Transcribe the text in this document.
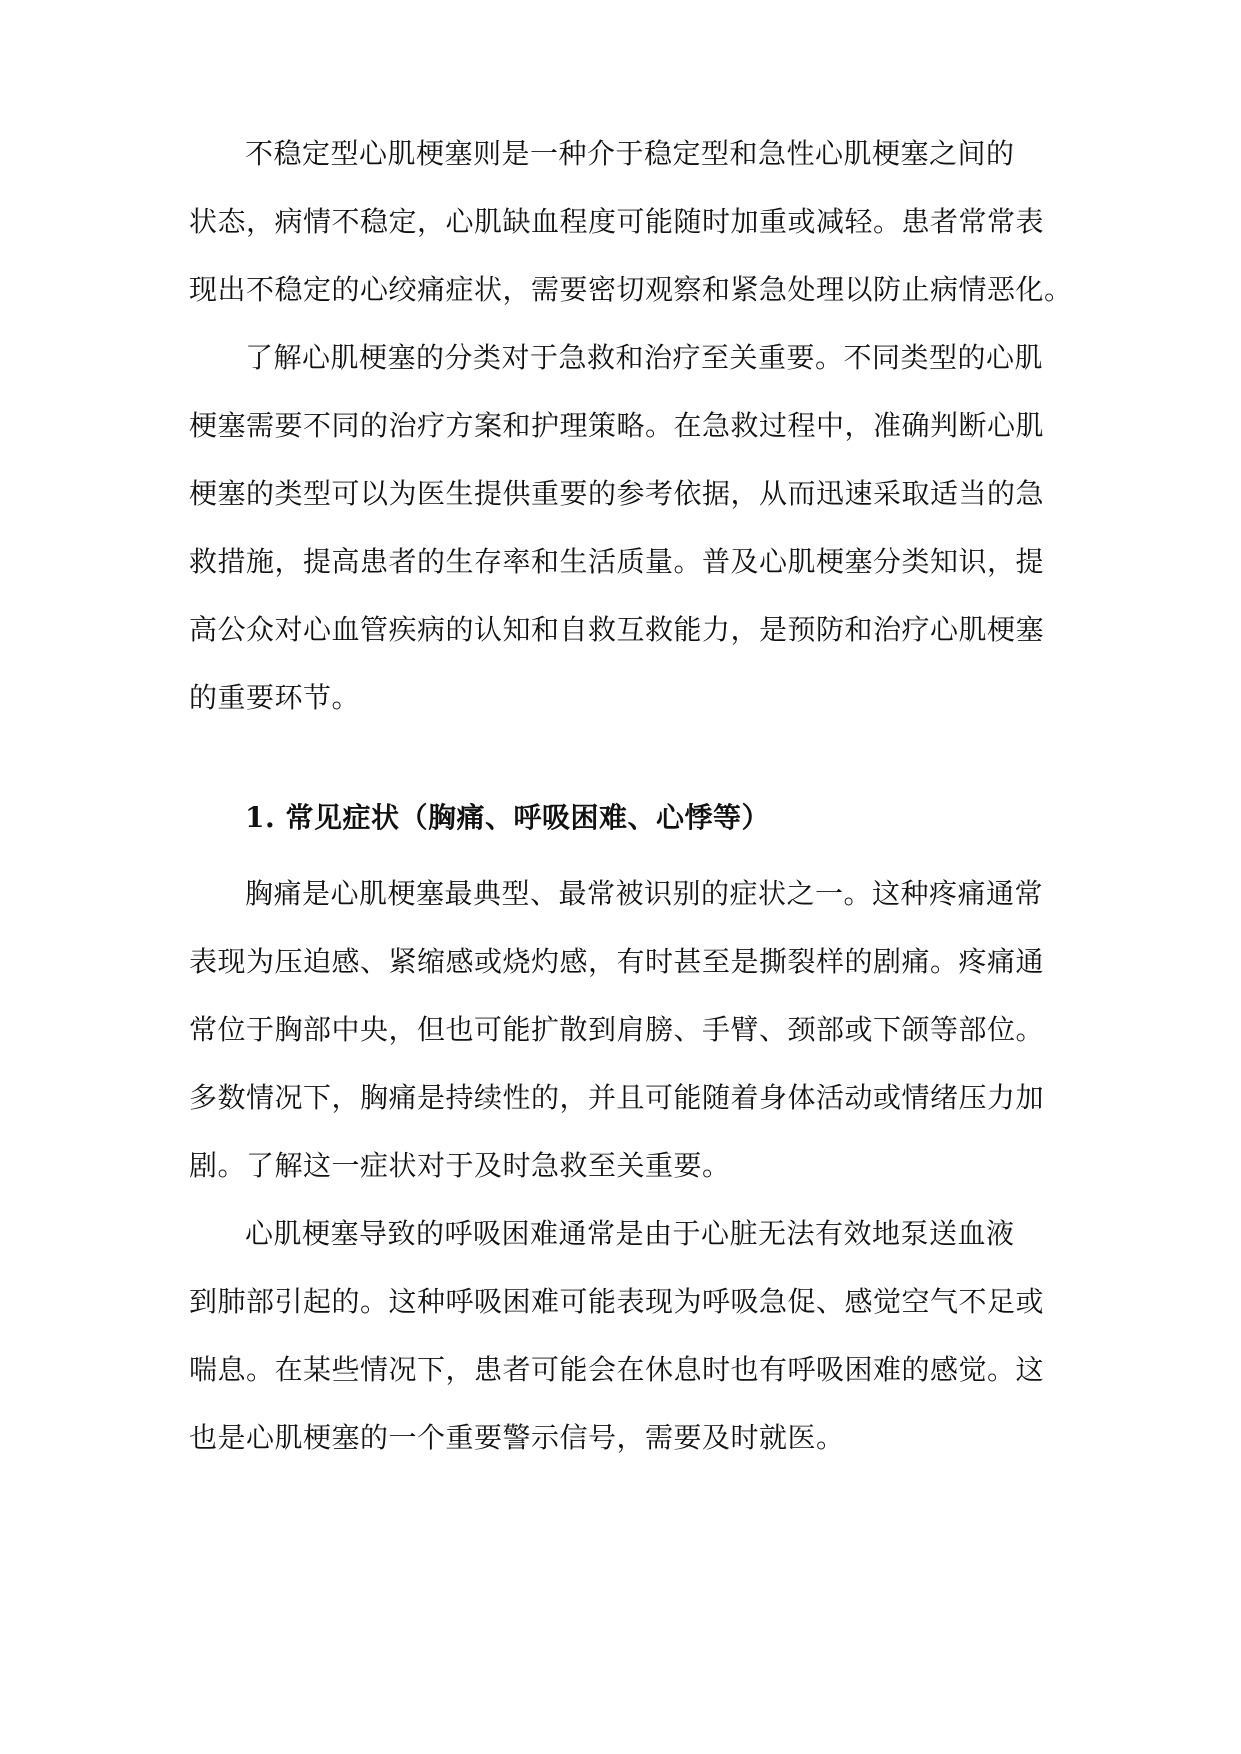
不稳定型心肌梗塞则是一种介于稳定型和急性心肌梗塞之间的
状态，病情不稳定，心肌缺血程度可能随时加重或减轻。患者常常表
现出不稳定的心绞痛症状，需要密切观察和紧急处理以防止病情恶化。
了解心肌梗塞的分类对于急救和治疗至关重要。不同类型的心肌
梗塞需要不同的治疗方案和护理策略。在急救过程中，准确判断心肌
梗塞的类型可以为医生提供重要的参考依据，从而迅速采取适当的急
救措施，提高患者的生存率和生活质量。普及心肌梗塞分类知识，提
高公众对心血管疾病的认知和自救互救能力，是预防和治疗心肌梗塞
的重要环节。
1. 常见症状（胸痛、呼吸困难、心悸等）
胸痛是心肌梗塞最典型、最常被识别的症状之一。这种疼痛通常
表现为压迫感、紧缩感或烧灼感，有时甚至是撕裂样的剧痛。疼痛通
常位于胸部中央，但也可能扩散到肩膀、手臂、颈部或下颌等部位。
多数情况下，胸痛是持续性的，并且可能随着身体活动或情绪压力加
剧。了解这一症状对于及时急救至关重要。
心肌梗塞导致的呼吸困难通常是由于心脏无法有效地泵送血液
到肺部引起的。这种呼吸困难可能表现为呼吸急促、感觉空气不足或
喘息。在某些情况下，患者可能会在休息时也有呼吸困难的感觉。这
也是心肌梗塞的一个重要警示信号，需要及时就医。
